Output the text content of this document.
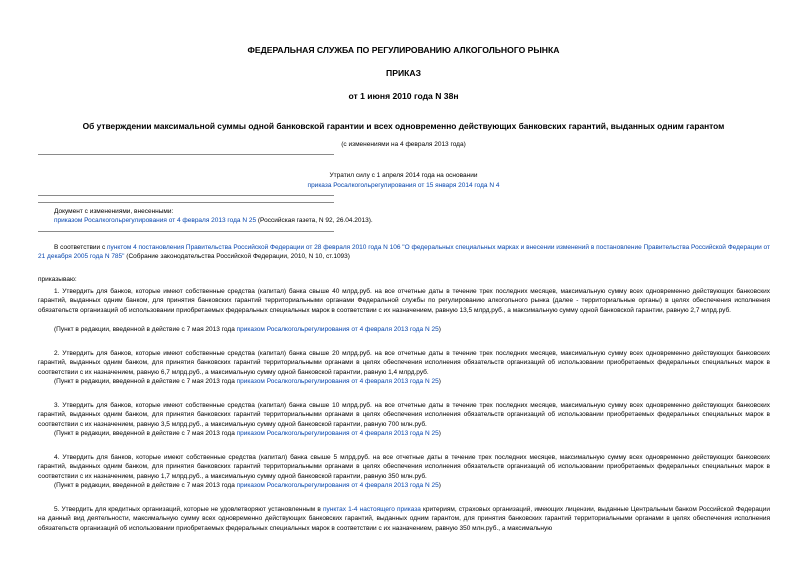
ФЕДЕРАЛЬНАЯ СЛУЖБА ПО РЕГУЛИРОВАНИЮ АЛКОГОЛЬНОГО РЫНКА
ПРИКАЗ
от 1 июня 2010 года N 38н
Об утверждении максимальной суммы одной банковской гарантии и всех одновременно действующих банковских гарантий, выданных одним гарантом
(с изменениями на 4 февраля 2013 года)
Утратил силу с 1 апреля 2014 года на основании
приказа Росалкогольрегулирования от 15 января 2014 года N 4
Документ с изменениями, внесенными:
приказом Росалкогольрегулирования от 4 февраля 2013 года N 25 (Российская газета, N 92, 26.04.2013).
В соответствии с пунктом 4 постановления Правительства Российской Федерации от 28 февраля 2010 года N 106 "О федеральных специальных марках и внесении изменений в постановление Правительства Российской Федерации от 21 декабря 2005 года N 785" (Собрание законодательства Российской Федерации, 2010, N 10, ст.1093)
приказываю:
1. Утвердить для банков, которые имеют собственные средства (капитал) банка свыше 40 млрд.руб. на все отчетные даты в течение трех последних месяцев, максимальную сумму всех одновременно действующих банковских гарантий, выданных одним банком, для принятия банковских гарантий территориальными органами Федеральной службы по регулированию алкогольного рынка (далее - территориальные органы) в целях обеспечения исполнения обязательств организаций об использовании приобретаемых федеральных специальных марок в соответствии с их назначением, равную 13,5 млрд.руб., а максимальную сумму одной банковской гарантии, равную 2,7 млрд.руб.
(Пункт в редакции, введенной в действие с 7 мая 2013 года приказом Росалкогольрегулирования от 4 февраля 2013 года N 25)
2. Утвердить для банков, которые имеют собственные средства (капитал) банка свыше 20 млрд.руб. на все отчетные даты в течение трех последних месяцев, максимальную сумму всех одновременно действующих банковских гарантий, выданных одним банком, для принятия банковских гарантий территориальными органами в целях обеспечения исполнения обязательств организаций об использовании приобретаемых федеральных специальных марок в соответствии с их назначением, равную 6,7 млрд.руб., а максимальную сумму одной банковской гарантии, равную 1,4 млрд.руб.
(Пункт в редакции, введенной в действие с 7 мая 2013 года приказом Росалкогольрегулирования от 4 февраля 2013 года N 25)
3. Утвердить для банков, которые имеют собственные средства (капитал) банка свыше 10 млрд.руб. на все отчетные даты в течение трех последних месяцев, максимальную сумму всех одновременно действующих банковских гарантий, выданных одним банком, для принятия банковских гарантий территориальными органами в целях обеспечения исполнения обязательств организаций об использовании приобретаемых федеральных специальных марок в соответствии с их назначением, равную 3,5 млрд.руб., а максимальную сумму одной банковской гарантии, равную 700 млн.руб.
(Пункт в редакции, введенной в действие с 7 мая 2013 года приказом Росалкогольрегулирования от 4 февраля 2013 года N 25)
4. Утвердить для банков, которые имеют собственные средства (капитал) банка свыше 5 млрд.руб. на все отчетные даты в течение трех последних месяцев, максимальную сумму всех одновременно действующих банковских гарантий, выданных одним банком, для принятия банковских гарантий территориальными органами в целях обеспечения исполнения обязательств организаций об использовании приобретаемых федеральных специальных марок в соответствии с их назначением, равную 1,7 млрд.руб., а максимальную сумму одной банковской гарантии, равную 350 млн.руб.
(Пункт в редакции, введенной в действие с 7 мая 2013 года приказом Росалкогольрегулирования от 4 февраля 2013 года N 25)
5. Утвердить для кредитных организаций, которые не удовлетворяют установленным в пунктах 1-4 настоящего приказа критериям, страховых организаций, имеющих лицензии, выданные Центральным банком Российской Федерации на данный вид деятельности, максимальную сумму всех одновременно действующих банковских гарантий, выданных одним гарантом, для принятия банковских гарантий территориальными органами в целях обеспечения исполнения обязательств организаций об использовании приобретаемых федеральных специальных марок в соответствии с их назначением, равную 350 млн.руб., а максимальную
